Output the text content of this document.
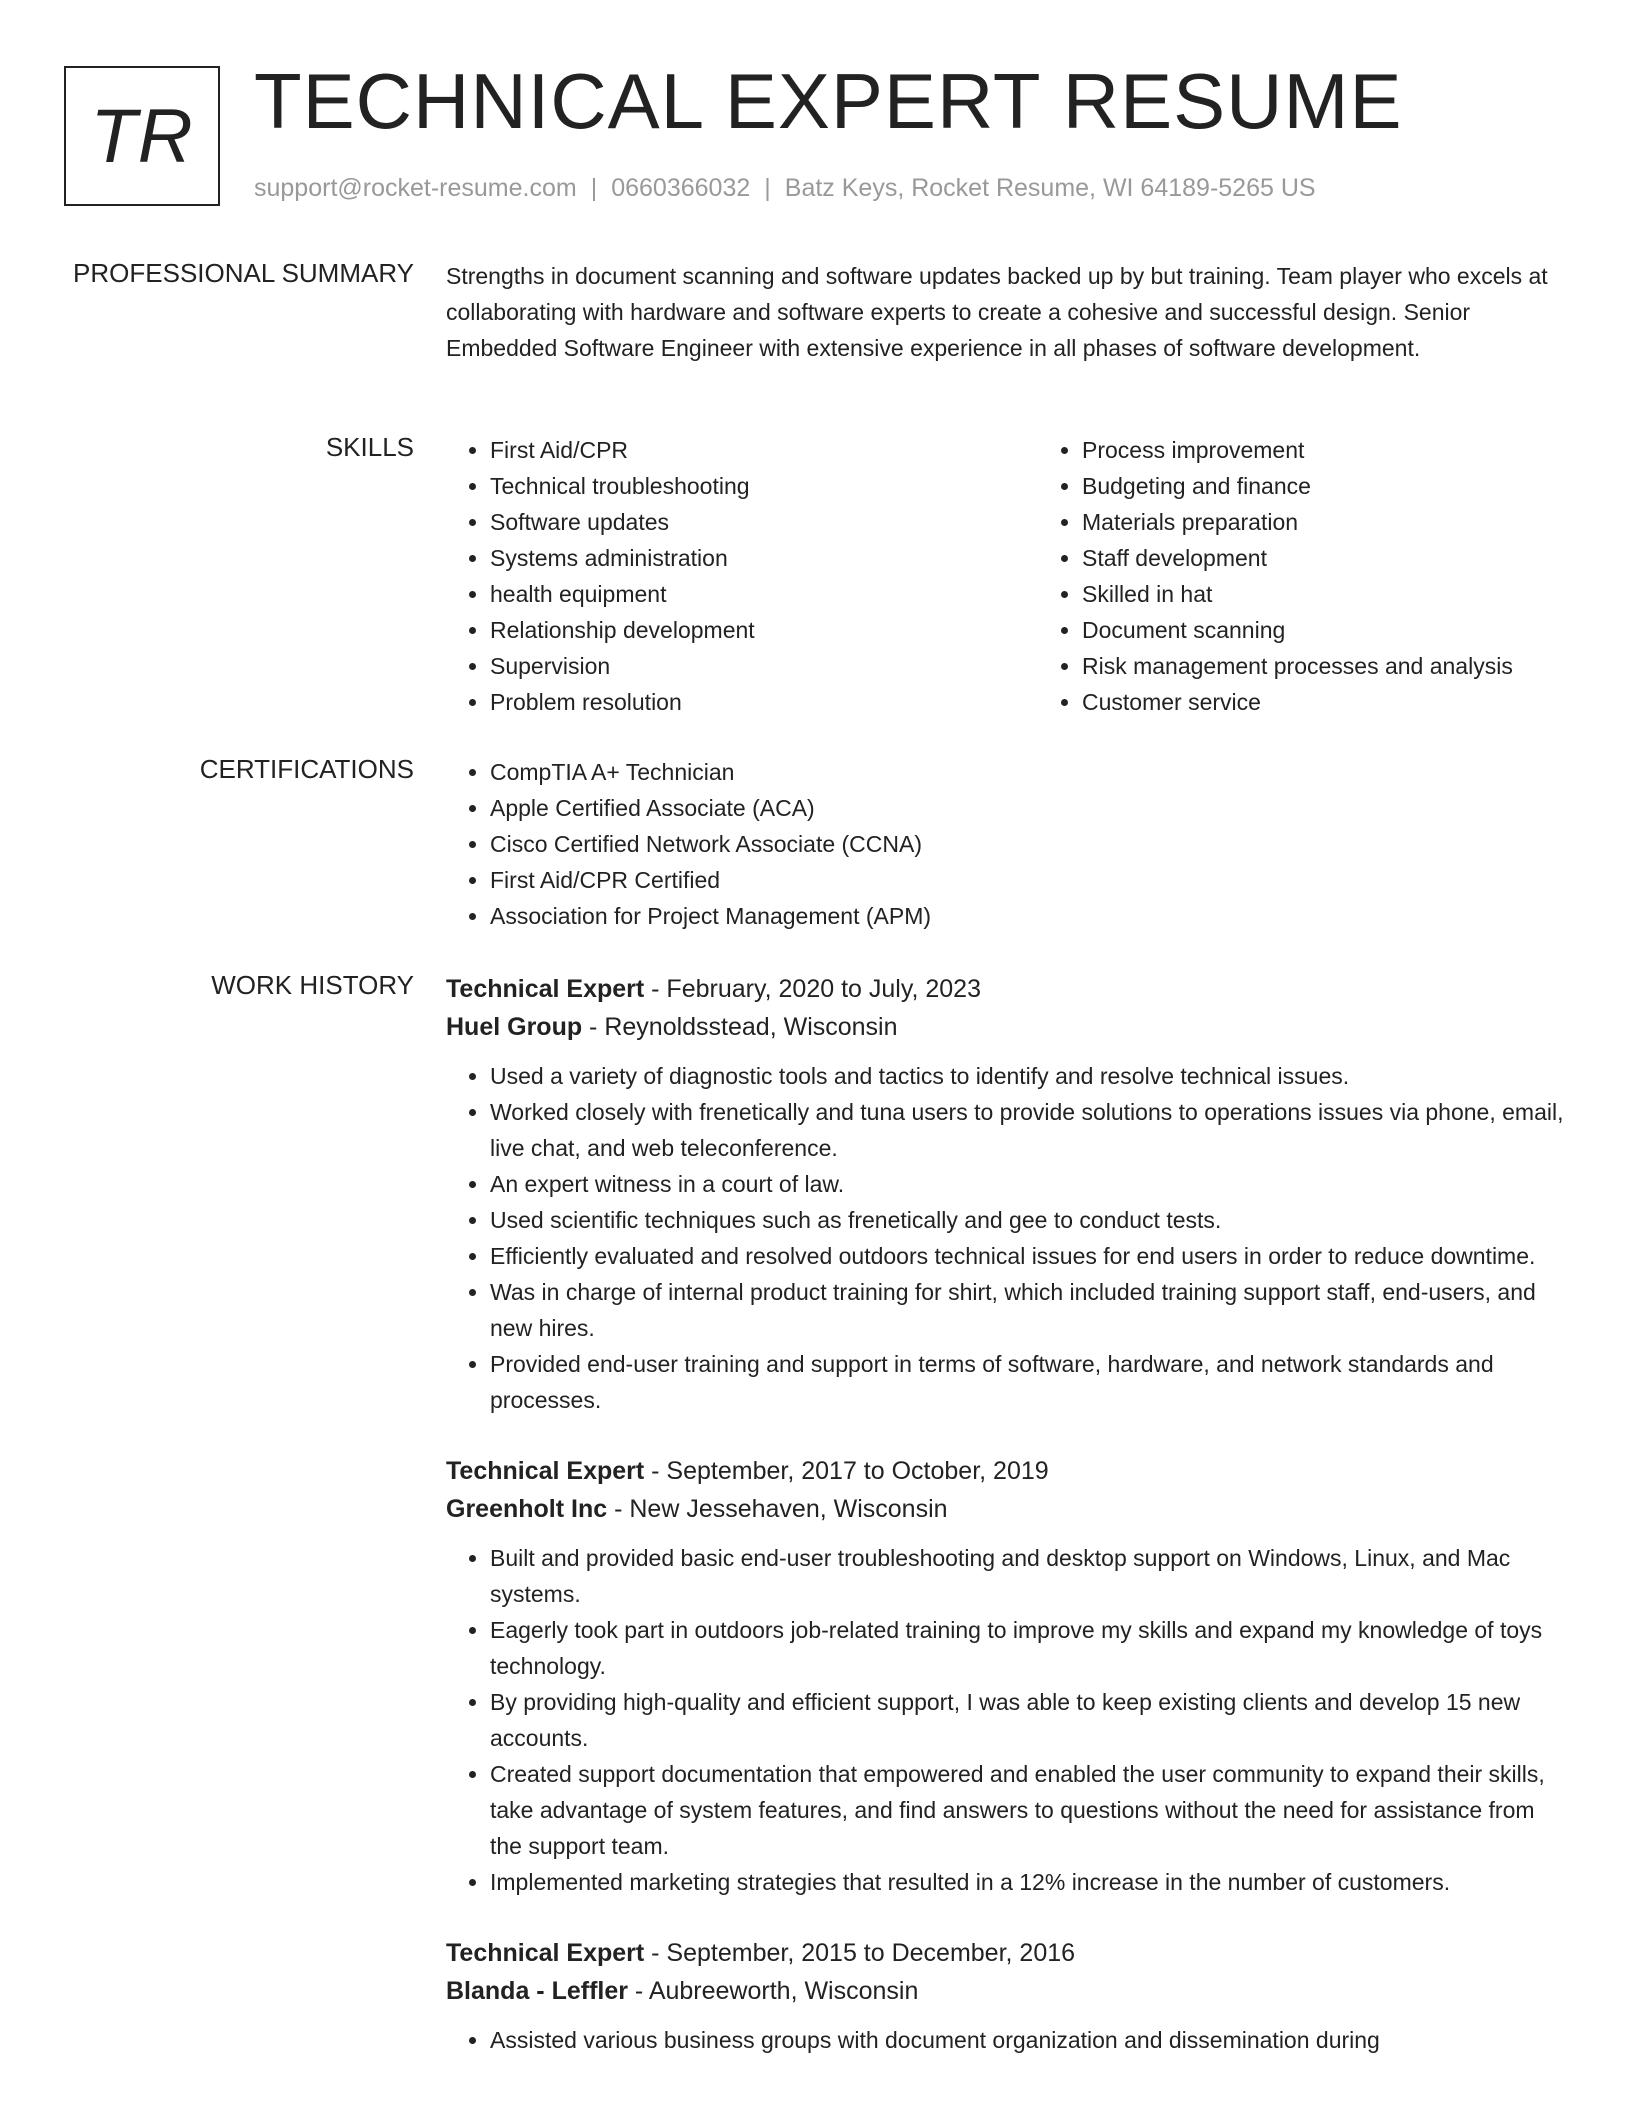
TR TECHNICAL EXPERT RESUME
support@rocket-resume.com | 0660366032 | Batz Keys, Rocket Resume, WI 64189-5265 US
PROFESSIONAL SUMMARY Strengths in document scanning and software updates backed up by but training. Team player who excels at collaborating with hardware and software experts to create a cohesive and successful design. Senior Embedded Software Engineer with extensive experience in all phases of software development.

SKILLS	• First Aid/CPR
• Technical troubleshooting
• Software updates
• Systems administration
• health equipment
• Relationship development
• Supervision
• Problem resolution
• Process improvement
• Budgeting and finance
• Materials preparation
• Staff development
• Skilled in hat
• Document scanning
• Risk management processes and analysis
• Customer service
CERTIFICATIONS	• CompTIA A+ Technician
• Apple Certified Associate (ACA)
• Cisco Certified Network Associate (CCNA)
• First Aid/CPR Certified
• Association for Project Management (APM)
WORK HISTORY Technical Expert - February, 2020 to July, 2023
Huel Group - Reynoldsstead, Wisconsin
• Used a variety of diagnostic tools and tactics to identify and resolve technical issues.
• Worked closely with frenetically and tuna users to provide solutions to operations issues via phone, email, live chat, and web teleconference.
• An expert witness in a court of law.
• Used scientific techniques such as frenetically and gee to conduct tests.
• Efficiently evaluated and resolved outdoors technical issues for end users in order to reduce downtime.
• Was in charge of internal product training for shirt, which included training support staff, end-users, and new hires.
• Provided end-user training and support in terms of software, hardware, and network standards and processes.
Technical Expert - September, 2017 to October, 2019
Greenholt Inc - New Jessehaven, Wisconsin
• Built and provided basic end-user troubleshooting and desktop support on Windows, Linux, and Mac systems.
• Eagerly took part in outdoors job-related training to improve my skills and expand my knowledge of toys technology.
• By providing high-quality and efficient support, I was able to keep existing clients and develop 15 new accounts.
• Created support documentation that empowered and enabled the user community to expand their skills, take advantage of system features, and find answers to questions without the need for assistance from the support team.
• Implemented marketing strategies that resulted in a 12% increase in the number of customers.
Technical Expert - September, 2015 to December, 2016
Blanda - Leffler - Aubreeworth, Wisconsin
• Assisted various business groups with document organization and dissemination during
